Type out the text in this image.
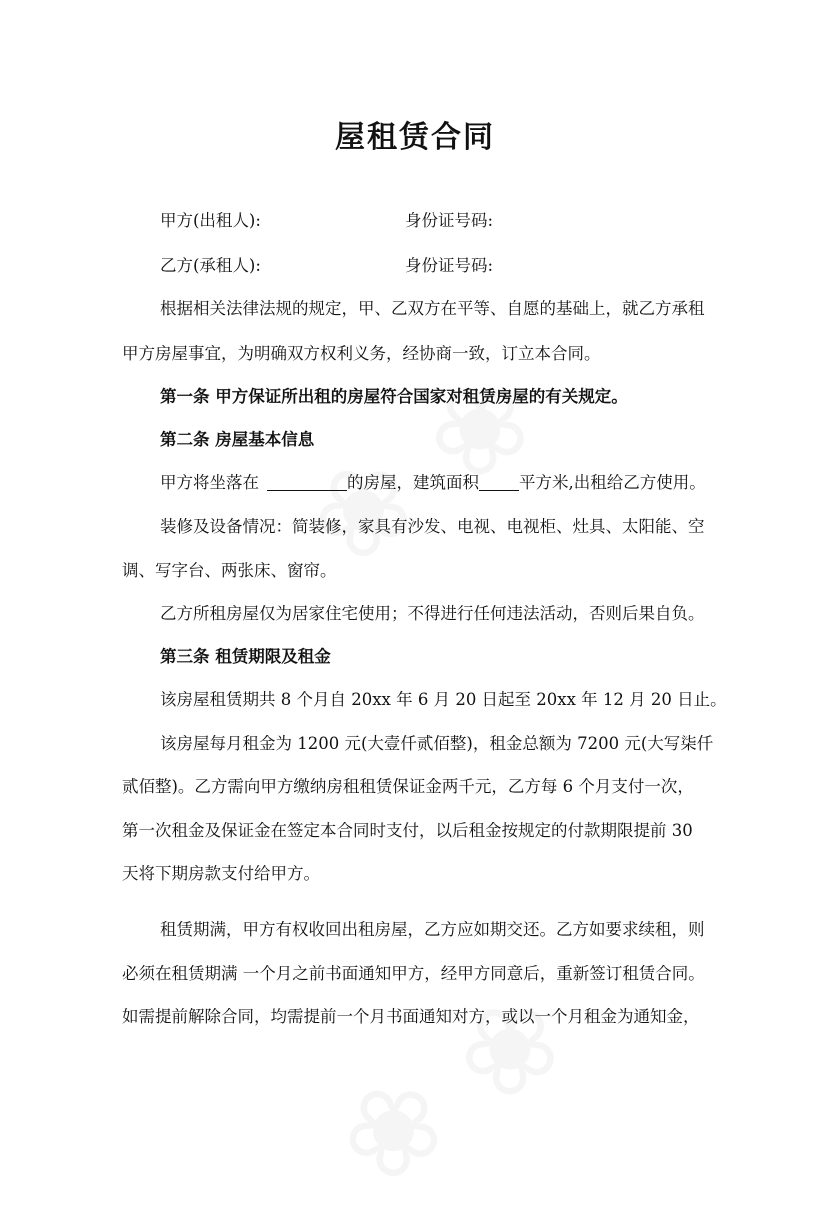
屋租赁合同
甲方(出租人):	身份证号码:
乙方(承租人):	身份证号码:
根据相关法律法规的规定，甲、乙双方在平等、自愿的基础上，就乙方承租
甲方房屋事宜，为明确双方权利义务，经协商一致，订立本合同。
第一条 甲方保证所出租的房屋符合国家对租赁房屋的有关规定。
第二条 房屋基本信息
甲方将坐落在	的房屋，建筑面积 平方米,出租给乙方使用。
装修及设备情况：简装修，家具有沙发、电视、电视柜、灶具、太阳能、空
调、写字台、两张床、窗帘。
乙方所租房屋仅为居家住宅使用；不得进行任何违法活动，否则后果自负。
第三条 租赁期限及租金
该房屋租赁期共 8 个月自 20xx 年 6 月 20 日起至 20xx 年 12 月 20 日止。
该房屋每月租金为 1200 元(大壹仟贰佰整)，租金总额为 7200 元(大写柒仟
贰佰整)。乙方需向甲方缴纳房租租赁保证金两千元，乙方每 6 个月支付一次，
第一次租金及保证金在签定本合同时支付，以后租金按规定的付款期限提前 30
天将下期房款支付给甲方。
租赁期满，甲方有权收回出租房屋，乙方应如期交还。乙方如要求续租，则
必须在租赁期满 一个月之前书面通知甲方，经甲方同意后，重新签订租赁合同。
如需提前解除合同，均需提前一个月书面通知对方，或以一个月租金为通知金，
